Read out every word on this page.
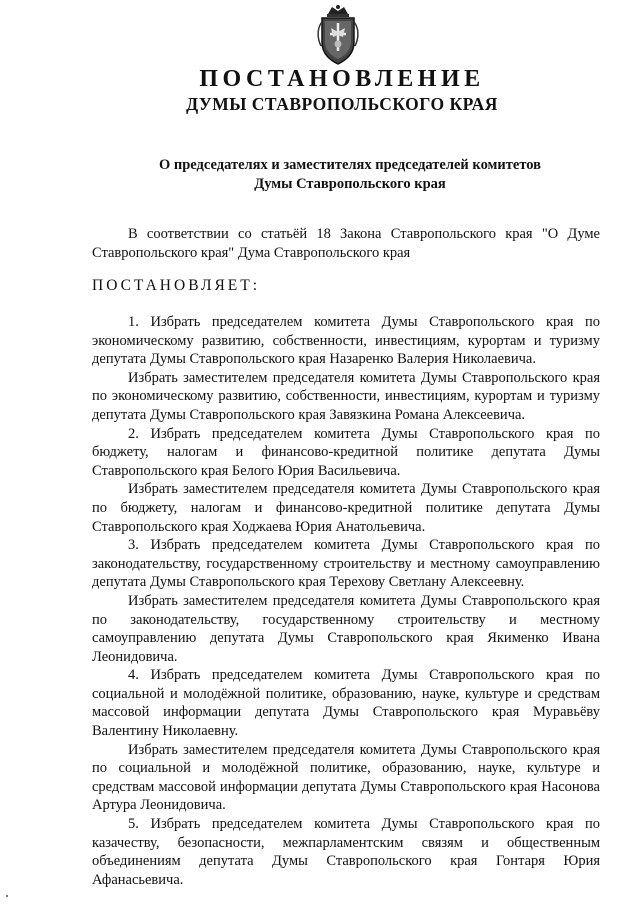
ПОСТАНОВЛЕНИЕ
ДУМЫ СТАВРОПОЛЬСКОГО КРАЯ
О председателях и заместителях председателей комитетов
Думы Ставропольского края

В соответствии со статьёй 18 Закона Ставропольского края "О Думе Ставропольского края" Дума Ставропольского края

ПОСТАНОВЛЯЕТ:

1. Избрать председателем комитета Думы Ставропольского края по экономическому развитию, собственности, инвестициям, курортам и туризму депутата Думы Ставропольского края Назаренко Валерия Николаевича.

Избрать заместителем председателя комитета Думы Ставропольского края по экономическому развитию, собственности, инвестициям, курортам и туризму депутата Думы Ставропольского края Завязкина Романа Алексеевича.

2. Избрать председателем комитета Думы Ставропольского края по бюджету, налогам и финансово-кредитной политике депутата Думы Ставропольского края Белого Юрия Васильевича.

Избрать заместителем председателя комитета Думы Ставропольского края по бюджету, налогам и финансово-кредитной политике депутата Думы Ставропольского края Ходжаева Юрия Анатольевича.

3. Избрать председателем комитета Думы Ставропольского края по законодательству, государственному строительству и местному самоуправлению депутата Думы Ставропольского края Терехову Светлану Алексеевну.

Избрать заместителем председателя комитета Думы Ставропольского края по законодательству, государственному строительству и местному самоуправлению депутата Думы Ставропольского края Якименко Ивана Леонидовича.

4. Избрать председателем комитета Думы Ставропольского края по социальной и молодёжной политике, образованию, науке, культуре и средствам массовой информации депутата Думы Ставропольского края Муравьёву Валентину Николаевну.

Избрать заместителем председателя комитета Думы Ставропольского края по социальной и молодёжной политике, образованию, науке, культуре и средствам массовой информации депутата Думы Ставропольского края Насонова Артура Леонидовича.

5. Избрать председателем комитета Думы Ставропольского края по казачеству, безопасности, межпарламентским связям и общественным объединениям депутата Думы Ставропольского края Гонтаря Юрия Афанасьевича.
